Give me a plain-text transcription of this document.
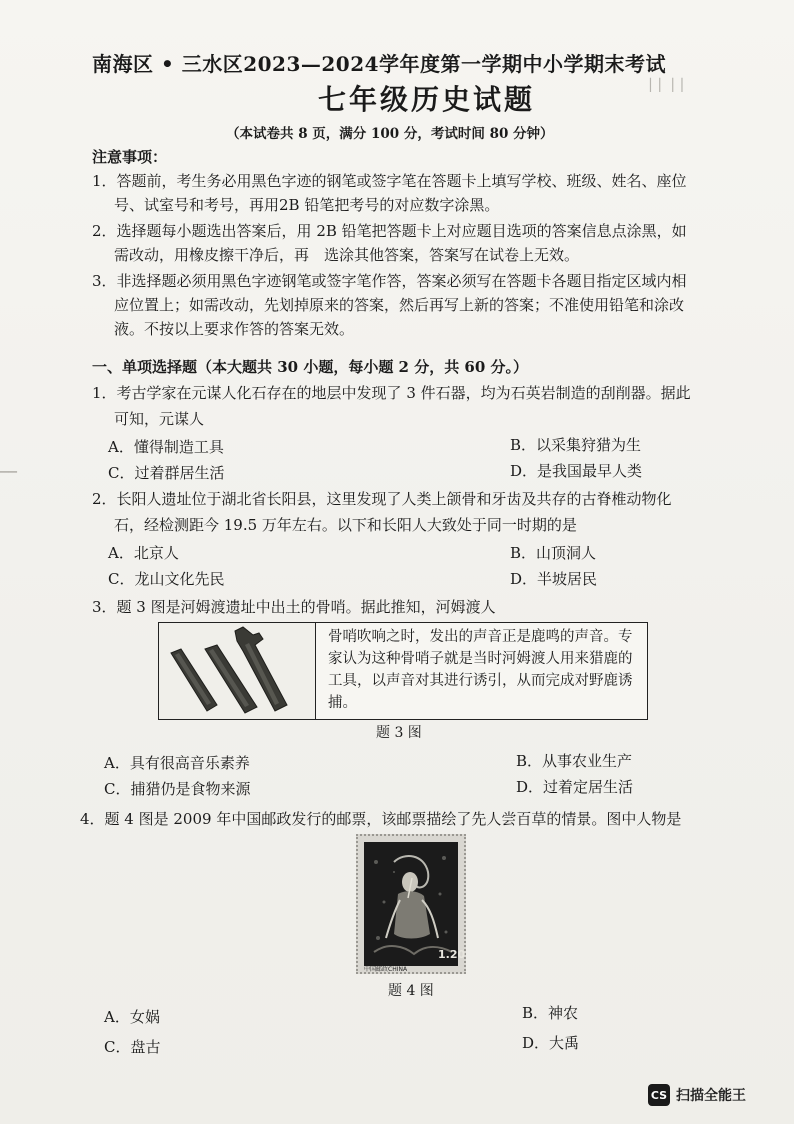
▏▏ ▏▏
▁▁
南海区 • 三水区2023—2024学年度第一学期中小学期末考试
七年级历史试题
（本试卷共 8 页，满分 100 分，考试时间 80 分钟）
注意事项：
1．答题前，考生务必用黑色字迹的钢笔或签字笔在答题卡上填写学校、班级、姓名、座位
号、试室号和考号，再用2B 铅笔把考号的对应数字涂黑。
2．选择题每小题选出答案后，用 2B 铅笔把答题卡上对应题目选项的答案信息点涂黑，如
需改动，用橡皮擦干净后，再　选涂其他答案，答案写在试卷上无效。
3．非选择题必须用黑色字迹钢笔或签字笔作答，答案必须写在答题卡各题目指定区域内相
应位置上；如需改动，先划掉原来的答案，然后再写上新的答案；不准使用铅笔和涂改
液。不按以上要求作答的答案无效。
一、单项选择题（本大题共 30 小题，每小题 2 分，共 60 分。）
1．考古学家在元谋人化石存在的地层中发现了 3 件石器，均为石英岩制造的刮削器。据此
可知，元谋人
A．懂得制造工具	B．以采集狩猎为生
C．过着群居生活	D．是我国最早人类
2．长阳人遗址位于湖北省长阳县，这里发现了人类上颌骨和牙齿及共存的古脊椎动物化
石，经检测距今 19.5 万年左右。以下和长阳人大致处于同一时期的是
A．北京人	B．山顶洞人
C．龙山文化先民	D．半坡居民
3．题 3 图是河姆渡遗址中出土的骨哨。据此推知，河姆渡人
骨哨吹响之时，发出的声音正是鹿鸣的声音。专家认为这种骨哨子就是当时河姆渡人用来猎鹿的工具，以声音对其进行诱引，从而完成对野鹿诱捕。
题 3 图
A．具有很高音乐素养	B．从事农业生产
C．捕猎仍是食物来源	D．过着定居生活
4．题 4 图是 2009 年中国邮政发行的邮票，该邮票描绘了先人尝百草的情景。图中人物是
中国邮政CHINA
1.20
题 4 图
A．女娲	B．神农
C．盘古	D．大禹
CS 扫描全能王
